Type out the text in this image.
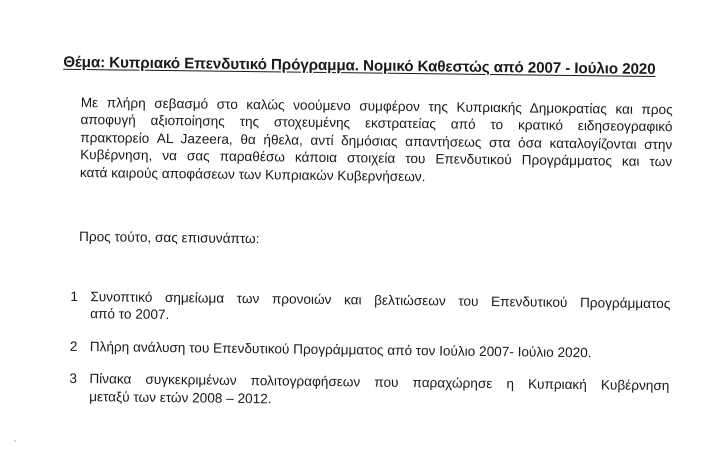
Θέμα: Κυπριακό Επενδυτικό Πρόγραμμα. Νομικό Καθεστώς από 2007 - Ιούλιο 2020
Με πλήρη σεβασμό στο καλώς νοούμενο συμφέρον της Κυπριακής Δημοκρατίας και προς
αποφυγή αξιοποίησης της στοχευμένης εκστρατείας από το κρατικό ειδησεογραφικό
πρακτορείο AL Jazeera, θα ήθελα, αντί δημόσιας απαντήσεως στα όσα καταλογίζονται στην
Κυβέρνηση, να σας παραθέσω κάποια στοιχεία του Επενδυτικού Προγράμματος και των
κατά καιρούς αποφάσεων των Κυπριακών Κυβερνήσεων.
Προς τούτο, σας επισυνάπτω:
1 Συνοπτικό σημείωμα των προνοιών και βελτιώσεων του Επενδυτικού Προγράμματος
από το 2007.
2 Πλήρη ανάλυση του Επενδυτικού Προγράμματος από τον Ιούλιο 2007- Ιούλιο 2020.
3 Πίνακα συγκεκριμένων πολιτογραφήσεων που παραχώρησε η Κυπριακή Κυβέρνηση
μεταξύ των ετών 2008 – 2012.
